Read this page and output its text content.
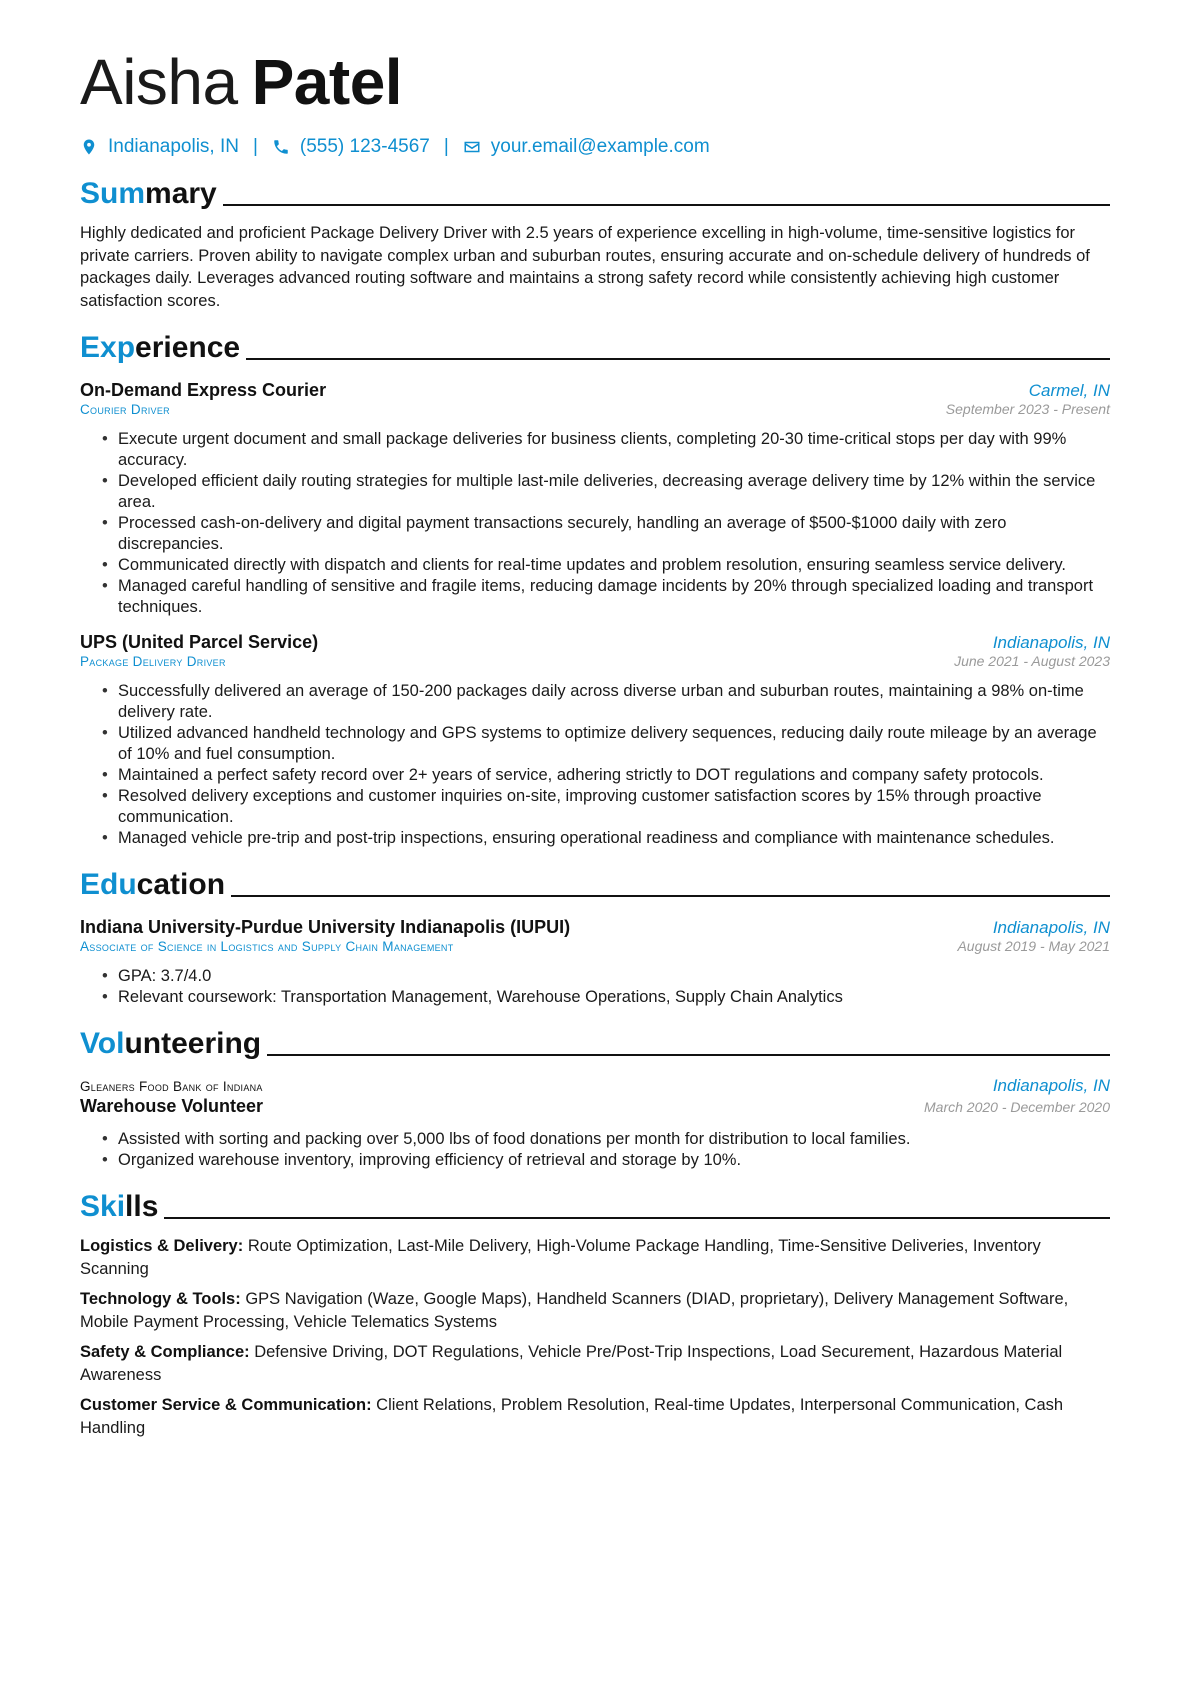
Aisha Patel
Indianapolis, IN | (555) 123-4567 | your.email@example.com
Summary

Highly dedicated and proficient Package Delivery Driver with 2.5 years of experience excelling in high-volume, time-sensitive logistics for private carriers. Proven ability to navigate complex urban and suburban routes, ensuring accurate and on-schedule delivery of hundreds of packages daily. Leverages advanced routing software and maintains a strong safety record while consistently achieving high customer satisfaction scores.

Experience
On-Demand Express Courier	Carmel, IN
Courier Driver	September 2023 - Present
• Execute urgent document and small package deliveries for business clients, completing 20-30 time-critical stops per day with 99% accuracy.
• Developed efficient daily routing strategies for multiple last-mile deliveries, decreasing average delivery time by 12% within the service area.
• Processed cash-on-delivery and digital payment transactions securely, handling an average of $500-$1000 daily with zero discrepancies.
• Communicated directly with dispatch and clients for real-time updates and problem resolution, ensuring seamless service delivery.
• Managed careful handling of sensitive and fragile items, reducing damage incidents by 20% through specialized loading and transport techniques.
UPS (United Parcel Service)	Indianapolis, IN
Package Delivery Driver	June 2021 - August 2023
• Successfully delivered an average of 150-200 packages daily across diverse urban and suburban routes, maintaining a 98% on-time delivery rate.
• Utilized advanced handheld technology and GPS systems to optimize delivery sequences, reducing daily route mileage by an average of 10% and fuel consumption.
• Maintained a perfect safety record over 2+ years of service, adhering strictly to DOT regulations and company safety protocols.
• Resolved delivery exceptions and customer inquiries on-site, improving customer satisfaction scores by 15% through proactive communication.
• Managed vehicle pre-trip and post-trip inspections, ensuring operational readiness and compliance with maintenance schedules.
Education
Indiana University-Purdue University Indianapolis (IUPUI)	Indianapolis, IN
Associate of Science in Logistics and Supply Chain Management	August 2019 - May 2021
• GPA: 3.7/4.0
• Relevant coursework: Transportation Management, Warehouse Operations, Supply Chain Analytics
Volunteering
Gleaners Food Bank of Indiana	Indianapolis, IN
Warehouse Volunteer	March 2020 - December 2020
• Assisted with sorting and packing over 5,000 lbs of food donations per month for distribution to local families.
• Organized warehouse inventory, improving efficiency of retrieval and storage by 10%.
Skills
Logistics & Delivery: Route Optimization, Last-Mile Delivery, High-Volume Package Handling, Time-Sensitive Deliveries, Inventory Scanning
Technology & Tools: GPS Navigation (Waze, Google Maps), Handheld Scanners (DIAD, proprietary), Delivery Management Software, Mobile Payment Processing, Vehicle Telematics Systems
Safety & Compliance: Defensive Driving, DOT Regulations, Vehicle Pre/Post-Trip Inspections, Load Securement, Hazardous Material Awareness
Customer Service & Communication: Client Relations, Problem Resolution, Real-time Updates, Interpersonal Communication, Cash Handling
